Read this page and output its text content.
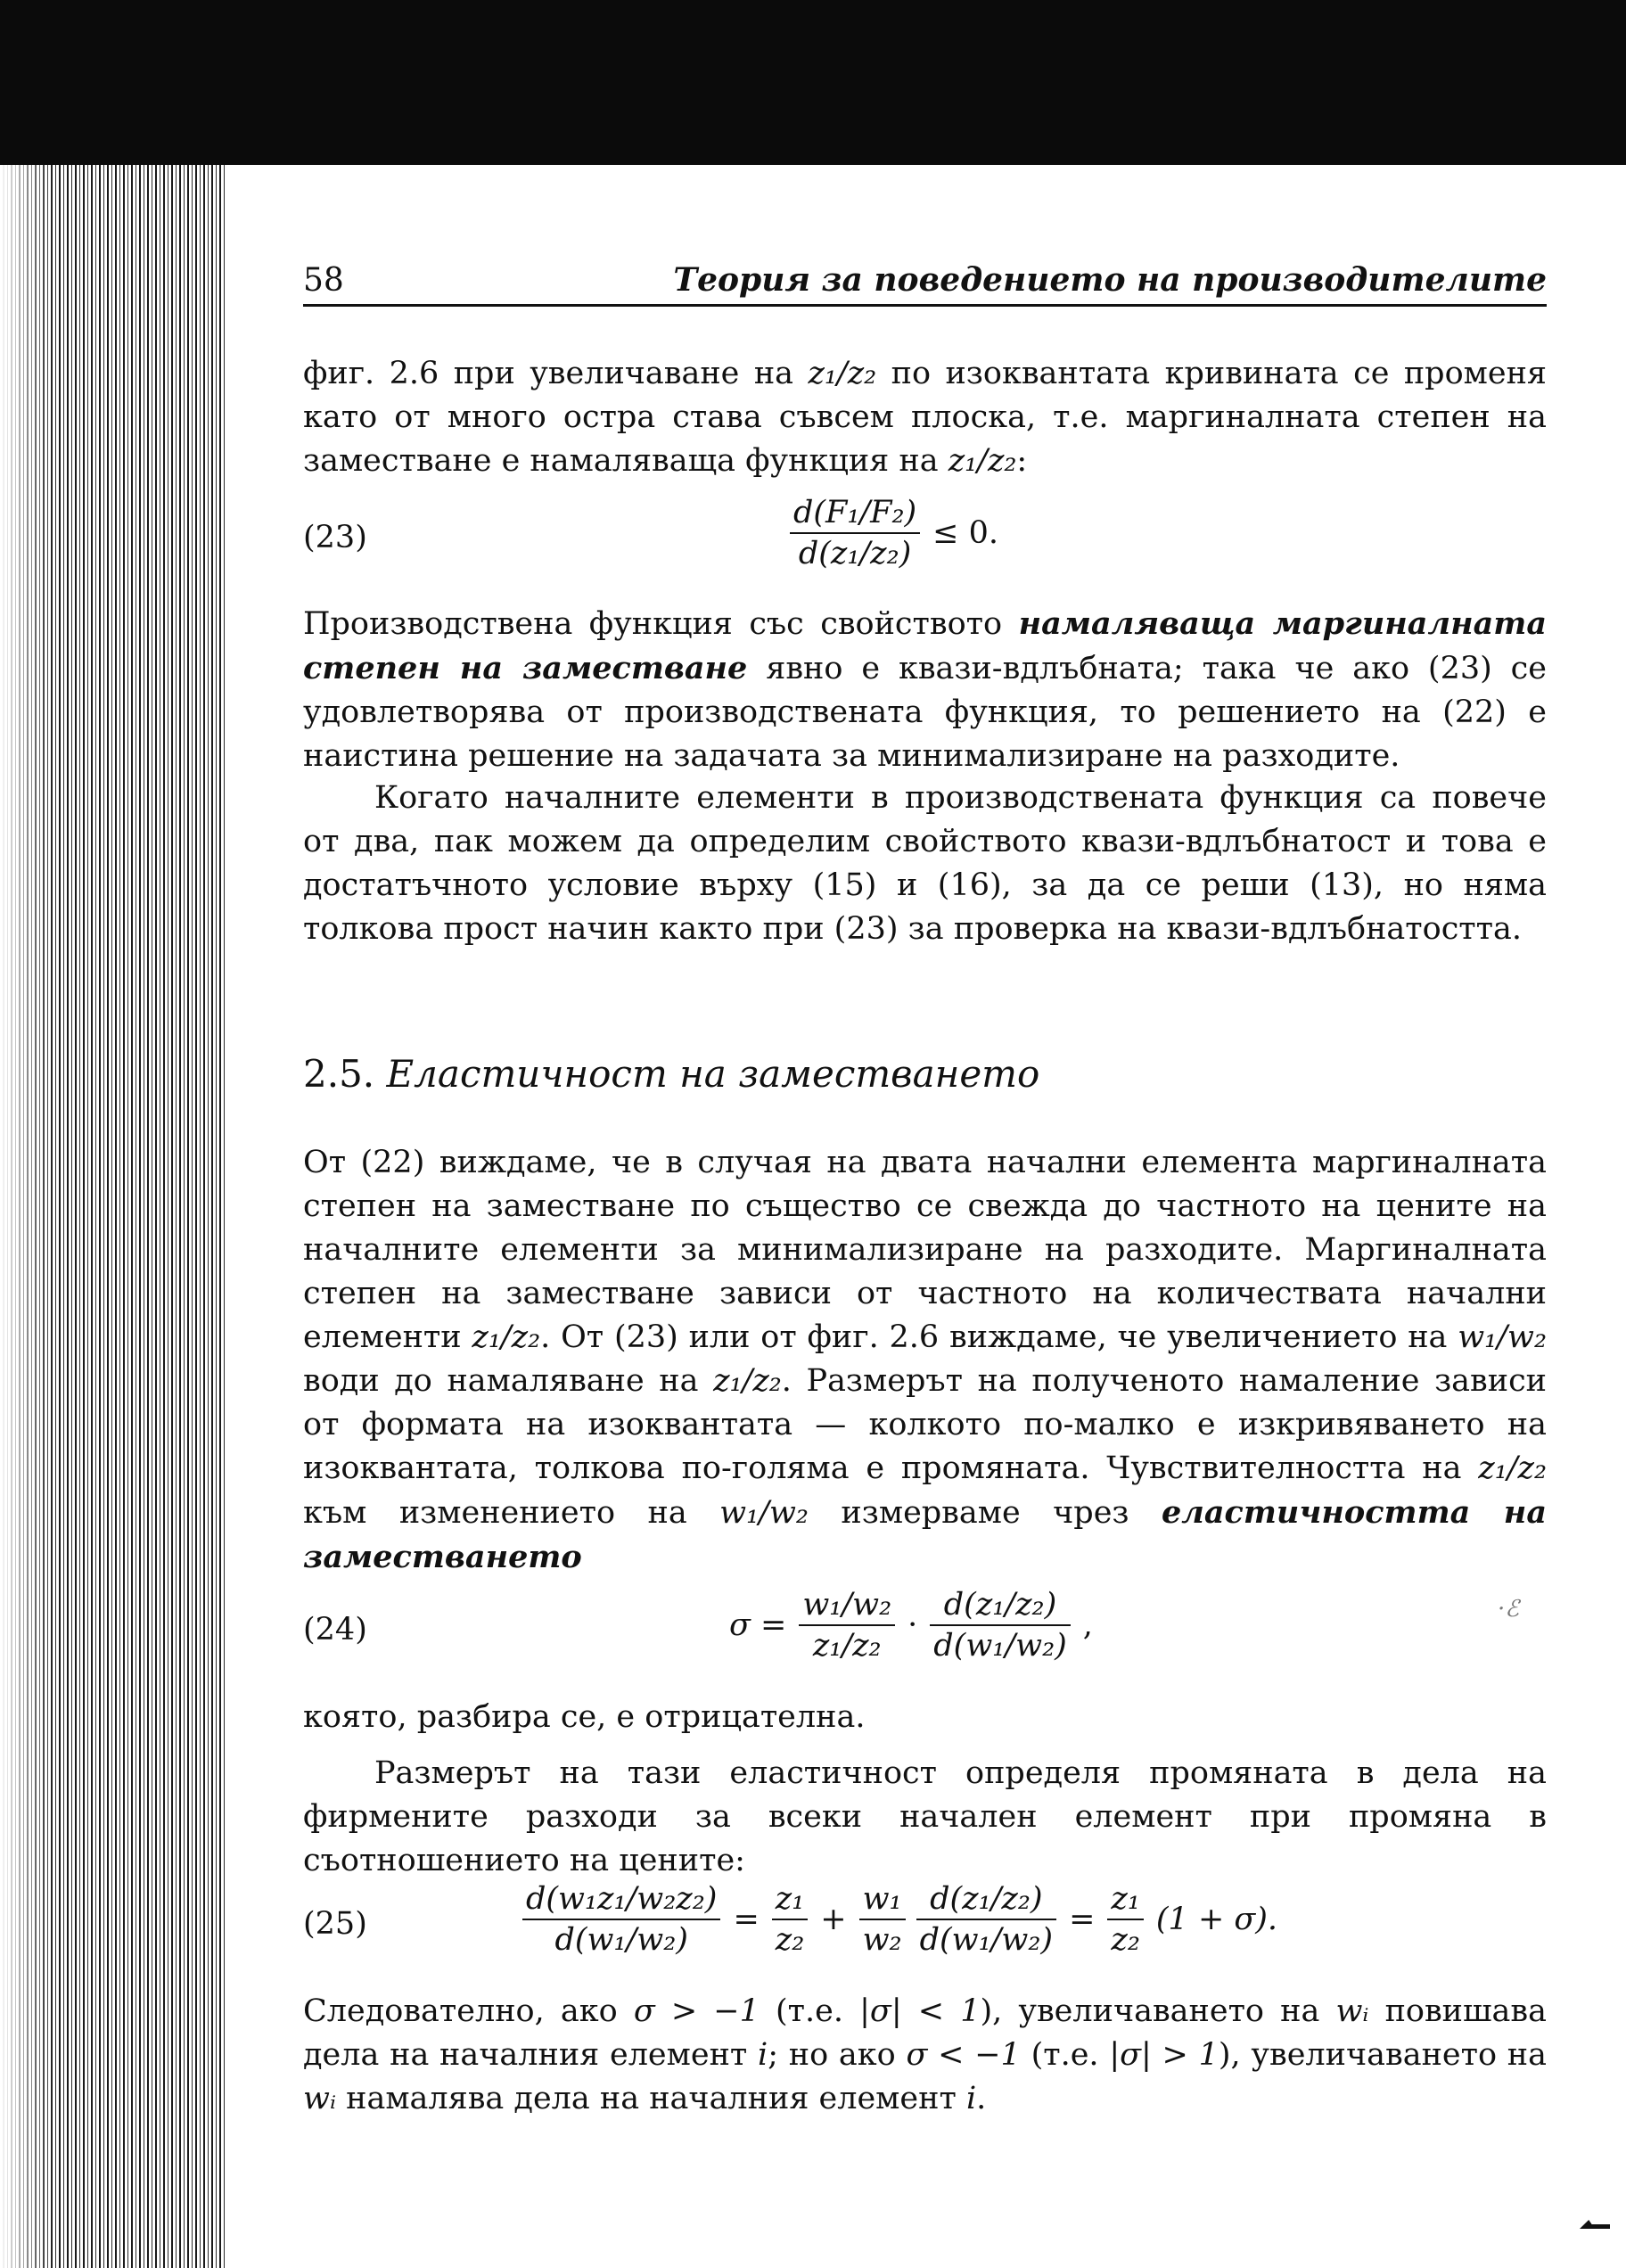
58	Теория за поведението на производителите
фиг. 2.6 при увеличаване на z₁/z₂ по изоквантата кривината се променя като от много остра става съвсем плоска, т.е. маргиналната степен на заместване е намаляваща функция на z₁/z₂:
(23)	$\frac{\text{d(F₁/F₂)}}{\text{d(z₁/z₂)}} \le 0$.
Производствена функция със свойството намаляваща маргиналната степен на заместване явно е квази-вдлъбната; така че ако (23) се удовлетворява от производствената функция, то решението на (22) е наистина решение на задачата за минимализиране на разходите.
Когато началните елементи в производствената функция са повече от два, пак можем да определим свойството квази-вдлъбнатост и това е достатъчното условие върху (15) и (16), за да се реши (13), но няма толкова прост начин както при (23) за проверка на квази-вдлъбнатостта.
2.5. Еластичност на заместването
От (22) виждаме, че в случая на двата начални елемента маргиналната степен на заместване по същество се свежда до частното на цените на началните елементи за минимализиране на разходите. Маргиналната степен на заместване зависи от частното на количествата начални елементи z₁/z₂. От (23) или от фиг. 2.6 виждаме, че увеличението на w₁/w₂ води до намаляване на z₁/z₂. Размерът на полученото намаление зависи от формата на изоквантата — колкото по-малко е изкривяването на изоквантата, толкова по-голяма е промяната. Чувствителността на z₁/z₂ към изменението на w₁/w₂ измерваме чрез еластичността на заместването
(24)	$\sigma = \frac{\text{w₁/w₂}}{\text{z₁/z₂}} \cdot \frac{\text{d(z₁/z₂)}}{\text{d(w₁/w₂)}}$ ,	·ℰ
която, разбира се, е отрицателна.
Размерът на тази еластичност определя промяната в дела на фирмените разходи за всеки начален елемент при промяна в съотношението на цените:
(25)	$\frac{\text{d(w₁z₁/w₂z₂)}}{\text{d(w₁/w₂)}} = \frac{\text{z₁}}{\text{z₂}} + \frac{\text{w₁}}{\text{w₂}} \frac{\text{d(z₁/z₂)}}{\text{d(w₁/w₂)}} = \frac{\text{z₁}}{\text{z₂}} (1 + \sigma)$.
Следователно, ако σ > −1 (т.е. |σ| < 1), увеличаването на wᵢ повишава дела на началния елемент i; но ако σ < −1 (т.е. |σ| > 1), увеличаването на wᵢ намалява дела на началния елемент i.
